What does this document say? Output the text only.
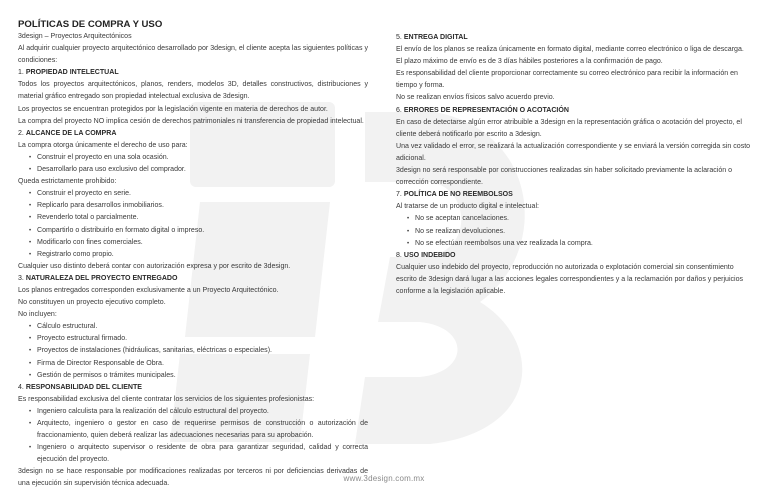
POLÍTICAS DE COMPRA Y USO

3design – Proyectos Arquitectónicos

Al adquirir cualquier proyecto arquitectónico desarrollado por 3design, el cliente acepta las siguientes políticas y condiciones:

1. PROPIEDAD INTELECTUAL

Todos los proyectos arquitectónicos, planos, renders, modelos 3D, detalles constructivos, distribuciones y material gráfico entregado son propiedad intelectual exclusiva de 3design.

Los proyectos se encuentran protegidos por la legislación vigente en materia de derechos de autor.

La compra del proyecto NO implica cesión de derechos patrimoniales ni transferencia de propiedad intelectual.

2. ALCANCE DE LA COMPRA

La compra otorga únicamente el derecho de uso para:

• Construir el proyecto en una sola ocasión.
• Desarrollarlo para uso exclusivo del comprador.

Queda estrictamente prohibido:

• Construir el proyecto en serie.
• Replicarlo para desarrollos inmobiliarios.
• Revenderlo total o parcialmente.
• Compartirlo o distribuirlo en formato digital o impreso.
• Modificarlo con fines comerciales.
• Registrarlo como propio.

Cualquier uso distinto deberá contar con autorización expresa y por escrito de 3design.

3. NATURALEZA DEL PROYECTO ENTREGADO

Los planos entregados corresponden exclusivamente a un Proyecto Arquitectónico.

No constituyen un proyecto ejecutivo completo.

No incluyen:

• Cálculo estructural.
• Proyecto estructural firmado.
• Proyectos de instalaciones (hidráulicas, sanitarias, eléctricas o especiales).
• Firma de Director Responsable de Obra.
• Gestión de permisos o trámites municipales.

4. RESPONSABILIDAD DEL CLIENTE

Es responsabilidad exclusiva del cliente contratar los servicios de los siguientes profesionistas:

• Ingeniero calculista para la realización del cálculo estructural del proyecto.
• Arquitecto, ingeniero o gestor en caso de requerirse permisos de construcción o autorización de fraccionamiento, quien deberá realizar las adecuaciones necesarias para su aprobación.
• Ingeniero o arquitecto supervisor o residente de obra para garantizar seguridad, calidad y correcta ejecución del proyecto.

3design no se hace responsable por modificaciones realizadas por terceros ni por deficiencias derivadas de una ejecución sin supervisión técnica adecuada.

5. ENTREGA DIGITAL

El envío de los planos se realiza únicamente en formato digital, mediante correo electrónico o liga de descarga.

El plazo máximo de envío es de 3 días hábiles posteriores a la confirmación de pago.

Es responsabilidad del cliente proporcionar correctamente su correo electrónico para recibir la información en tiempo y forma.

No se realizan envíos físicos salvo acuerdo previo.

6. ERRORES DE REPRESENTACIÓN O ACOTACIÓN

En caso de detectarse algún error atribuible a 3design en la representación gráfica o acotación del proyecto, el cliente deberá notificarlo por escrito a 3design.

Una vez validado el error, se realizará la actualización correspondiente y se enviará la versión corregida sin costo adicional.

3design no será responsable por construcciones realizadas sin haber solicitado previamente la aclaración o corrección correspondiente.

7. POLÍTICA DE NO REEMBOLSOS

Al tratarse de un producto digital e intelectual:

• No se aceptan cancelaciones.
• No se realizan devoluciones.
• No se efectúan reembolsos una vez realizada la compra.

8. USO INDEBIDO

Cualquier uso indebido del proyecto, reproducción no autorizada o explotación comercial sin consentimiento escrito de 3design dará lugar a las acciones legales correspondientes y a la reclamación por daños y perjuicios conforme a la legislación aplicable.

www.3design.com.mx
